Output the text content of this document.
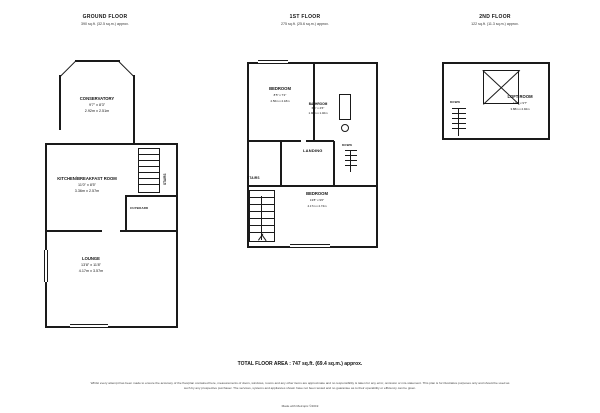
GROUND FLOOR
390 sq.ft. (32.5 sq.m.) approx.
CONSERVATORY
9'7" x 8'3"
2.92m x 2.51m
STAIRS
KITCHEN/BREAKFAST ROOM
11'0" x 8'5"
3.36m x 2.57m
CUPBOARD
LOUNGE
13'8" x 11'8"
4.17m x 3.57m
1ST FLOOR
275 sq.ft. (25.6 sq.m.) approx.
BEDROOM
8'5" x 7'2"
2.56m x 2.18m
BATHROOM
6'6" x 4'6"
1.98m x 1.40m
STAIRS
LANDING
DOWN
BEDROOM
13'8" x 9'0"
4.17m x 2.74m
2ND FLOOR
122 sq.ft. (11.3 sq.m.) approx.
DOWN
LOFT ROOM
12'9" x 9'7"
3.88m x 2.92m
TOTAL FLOOR AREA : 747 sq.ft. (69.4 sq.m.) approx.
Whilst every attempt has been made to ensure the accuracy of the floorplan contained here, measurements of doors, windows, rooms and any other items are approximate and no responsibility is taken for any error, omission or mis-statement. This plan is for illustrative purposes only and should be used as such by any prospective purchaser. The services, systems and appliances shown have not been tested and no guarantee as to their operability or efficiency can be given.
Made with Metropix ©2019
